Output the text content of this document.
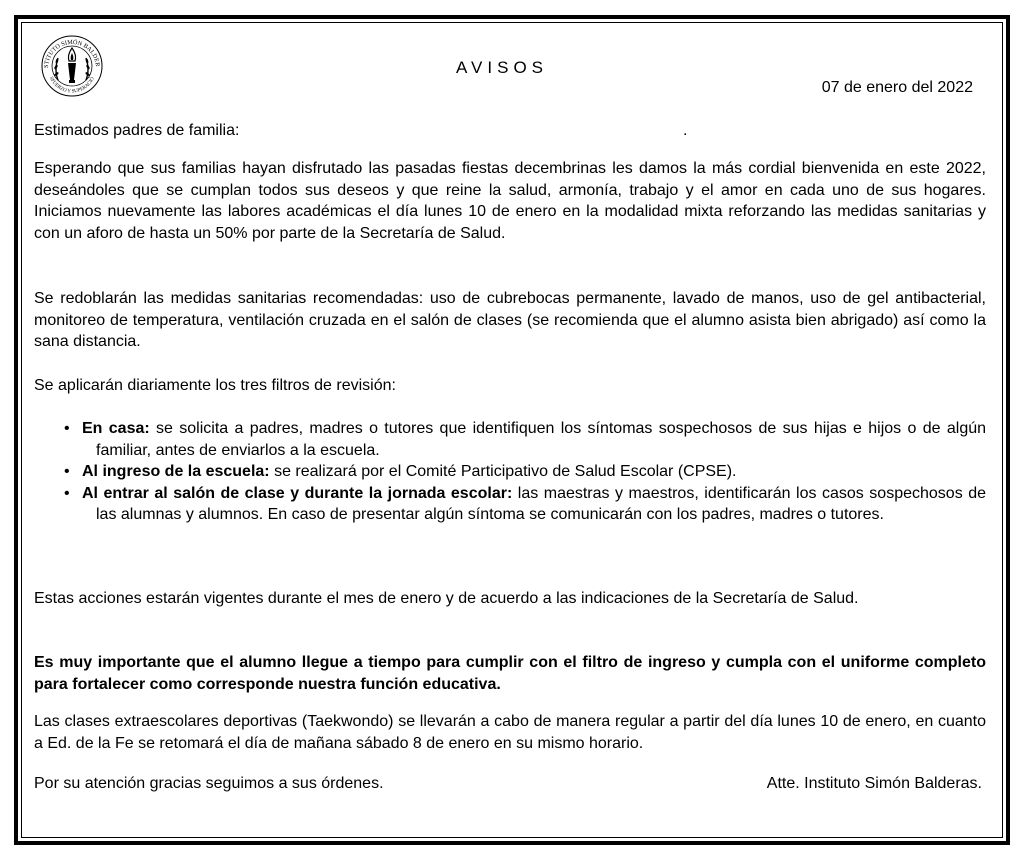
STITUTO SIMÓN BALDER
SFUERZO Y SUPERACIÓ
AVISOS
07 de enero del 2022
Estimados padres de familia:	.

Esperando que sus familias hayan disfrutado las pasadas fiestas decembrinas les damos la más cordial bienvenida en este 2022, deseándoles que se cumplan todos sus deseos y que reine la salud, armonía, trabajo y el amor en cada uno de sus hogares. Iniciamos nuevamente las labores académicas el día lunes 10 de enero en la modalidad mixta reforzando las medidas sanitarias y con un aforo de hasta un 50% por parte de la Secretaría de Salud.

Se redoblarán las medidas sanitarias recomendadas: uso de cubrebocas permanente, lavado de manos, uso de gel antibacterial, monitoreo de temperatura, ventilación cruzada en el salón de clases (se recomienda que el alumno asista bien abrigado) así como la sana distancia.

Se aplicarán diariamente los tres filtros de revisión:

• En casa: se solicita a padres, madres o tutores que identifiquen los síntomas sospechosos de sus hijas e hijos o de algún familiar, antes de enviarlos a la escuela.
• Al ingreso de la escuela: se realizará por el Comité Participativo de Salud Escolar (CPSE).
• Al entrar al salón de clase y durante la jornada escolar: las maestras y maestros, identificarán los casos sospechosos de las alumnas y alumnos. En caso de presentar algún síntoma se comunicarán con los padres, madres o tutores.

Estas acciones estarán vigentes durante el mes de enero y de acuerdo a las indicaciones de la Secretaría de Salud.

Es muy importante que el alumno llegue a tiempo para cumplir con el filtro de ingreso y cumpla con el uniforme completo para fortalecer como corresponde nuestra función educativa.

Las clases extraescolares deportivas (Taekwondo) se llevarán a cabo de manera regular a partir del día lunes 10 de enero, en cuanto a Ed. de la Fe se retomará el día de mañana sábado 8 de enero en su mismo horario.

Por su atención gracias seguimos a sus órdenes.	Atte. Instituto Simón Balderas.
